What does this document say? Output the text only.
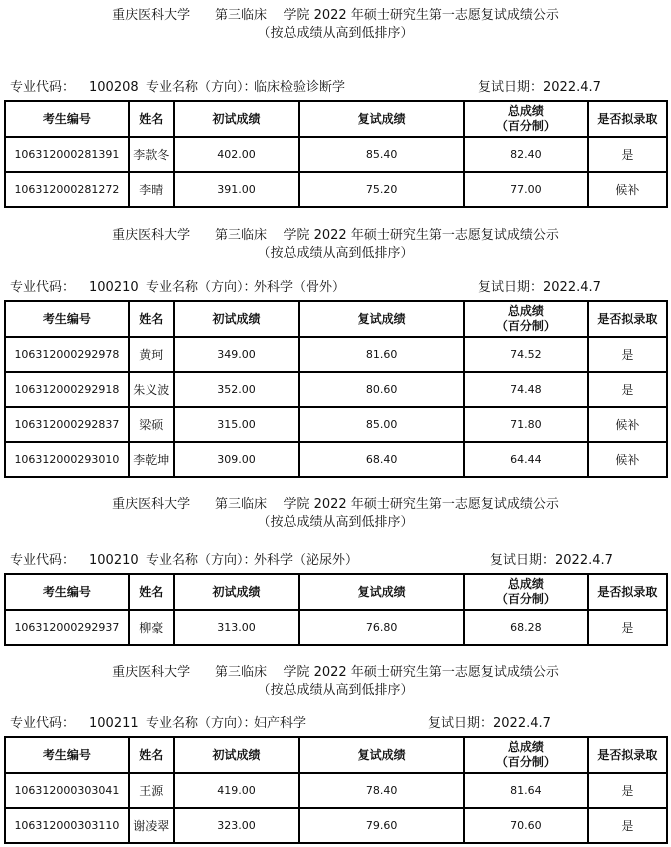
重庆医科大学      第三临床    学院 2022 年硕士研究生第一志愿复试成绩公示
（按总成绩从高到低排序）
专业代码： 100208 专业名称（方向）：
临床检验诊断学	复试日期：2022.4.7
考生编号	姓名	初试成绩	复试成绩	总成绩
（百分制）	是否拟录取
106312000281391	李款冬	402.00	85.40	82.40	是
106312000281272	李晴	391.00	75.20	77.00	候补
重庆医科大学      第三临床    学院 2022 年硕士研究生第一志愿复试成绩公示
（按总成绩从高到低排序）
专业代码： 100210 专业名称（方向）：
外科学（骨外）	复试日期：2022.4.7
考生编号	姓名	初试成绩	复试成绩	总成绩
（百分制）	是否拟录取
106312000292978	黄珂	349.00	81.60	74.52	是
106312000292918	朱义波	352.00	80.60	74.48	是
106312000292837	梁硕	315.00	85.00	71.80	候补
106312000293010	李乾坤	309.00	68.40	64.44	候补
重庆医科大学      第三临床    学院 2022 年硕士研究生第一志愿复试成绩公示
（按总成绩从高到低排序）
专业代码： 100210 专业名称（方向）：
外科学（泌尿外）	复试日期：2022.4.7
考生编号	姓名	初试成绩	复试成绩	总成绩
（百分制）	是否拟录取
106312000292937	柳豪	313.00	76.80	68.28	是
重庆医科大学      第三临床    学院 2022 年硕士研究生第一志愿复试成绩公示
（按总成绩从高到低排序）
专业代码： 100211 专业名称（方向）：
妇产科学	复试日期：2022.4.7
考生编号	姓名	初试成绩	复试成绩	总成绩
（百分制）	是否拟录取
106312000303041	王源	419.00	78.40	81.64	是
106312000303110	谢凌翠	323.00	79.60	70.60	是
